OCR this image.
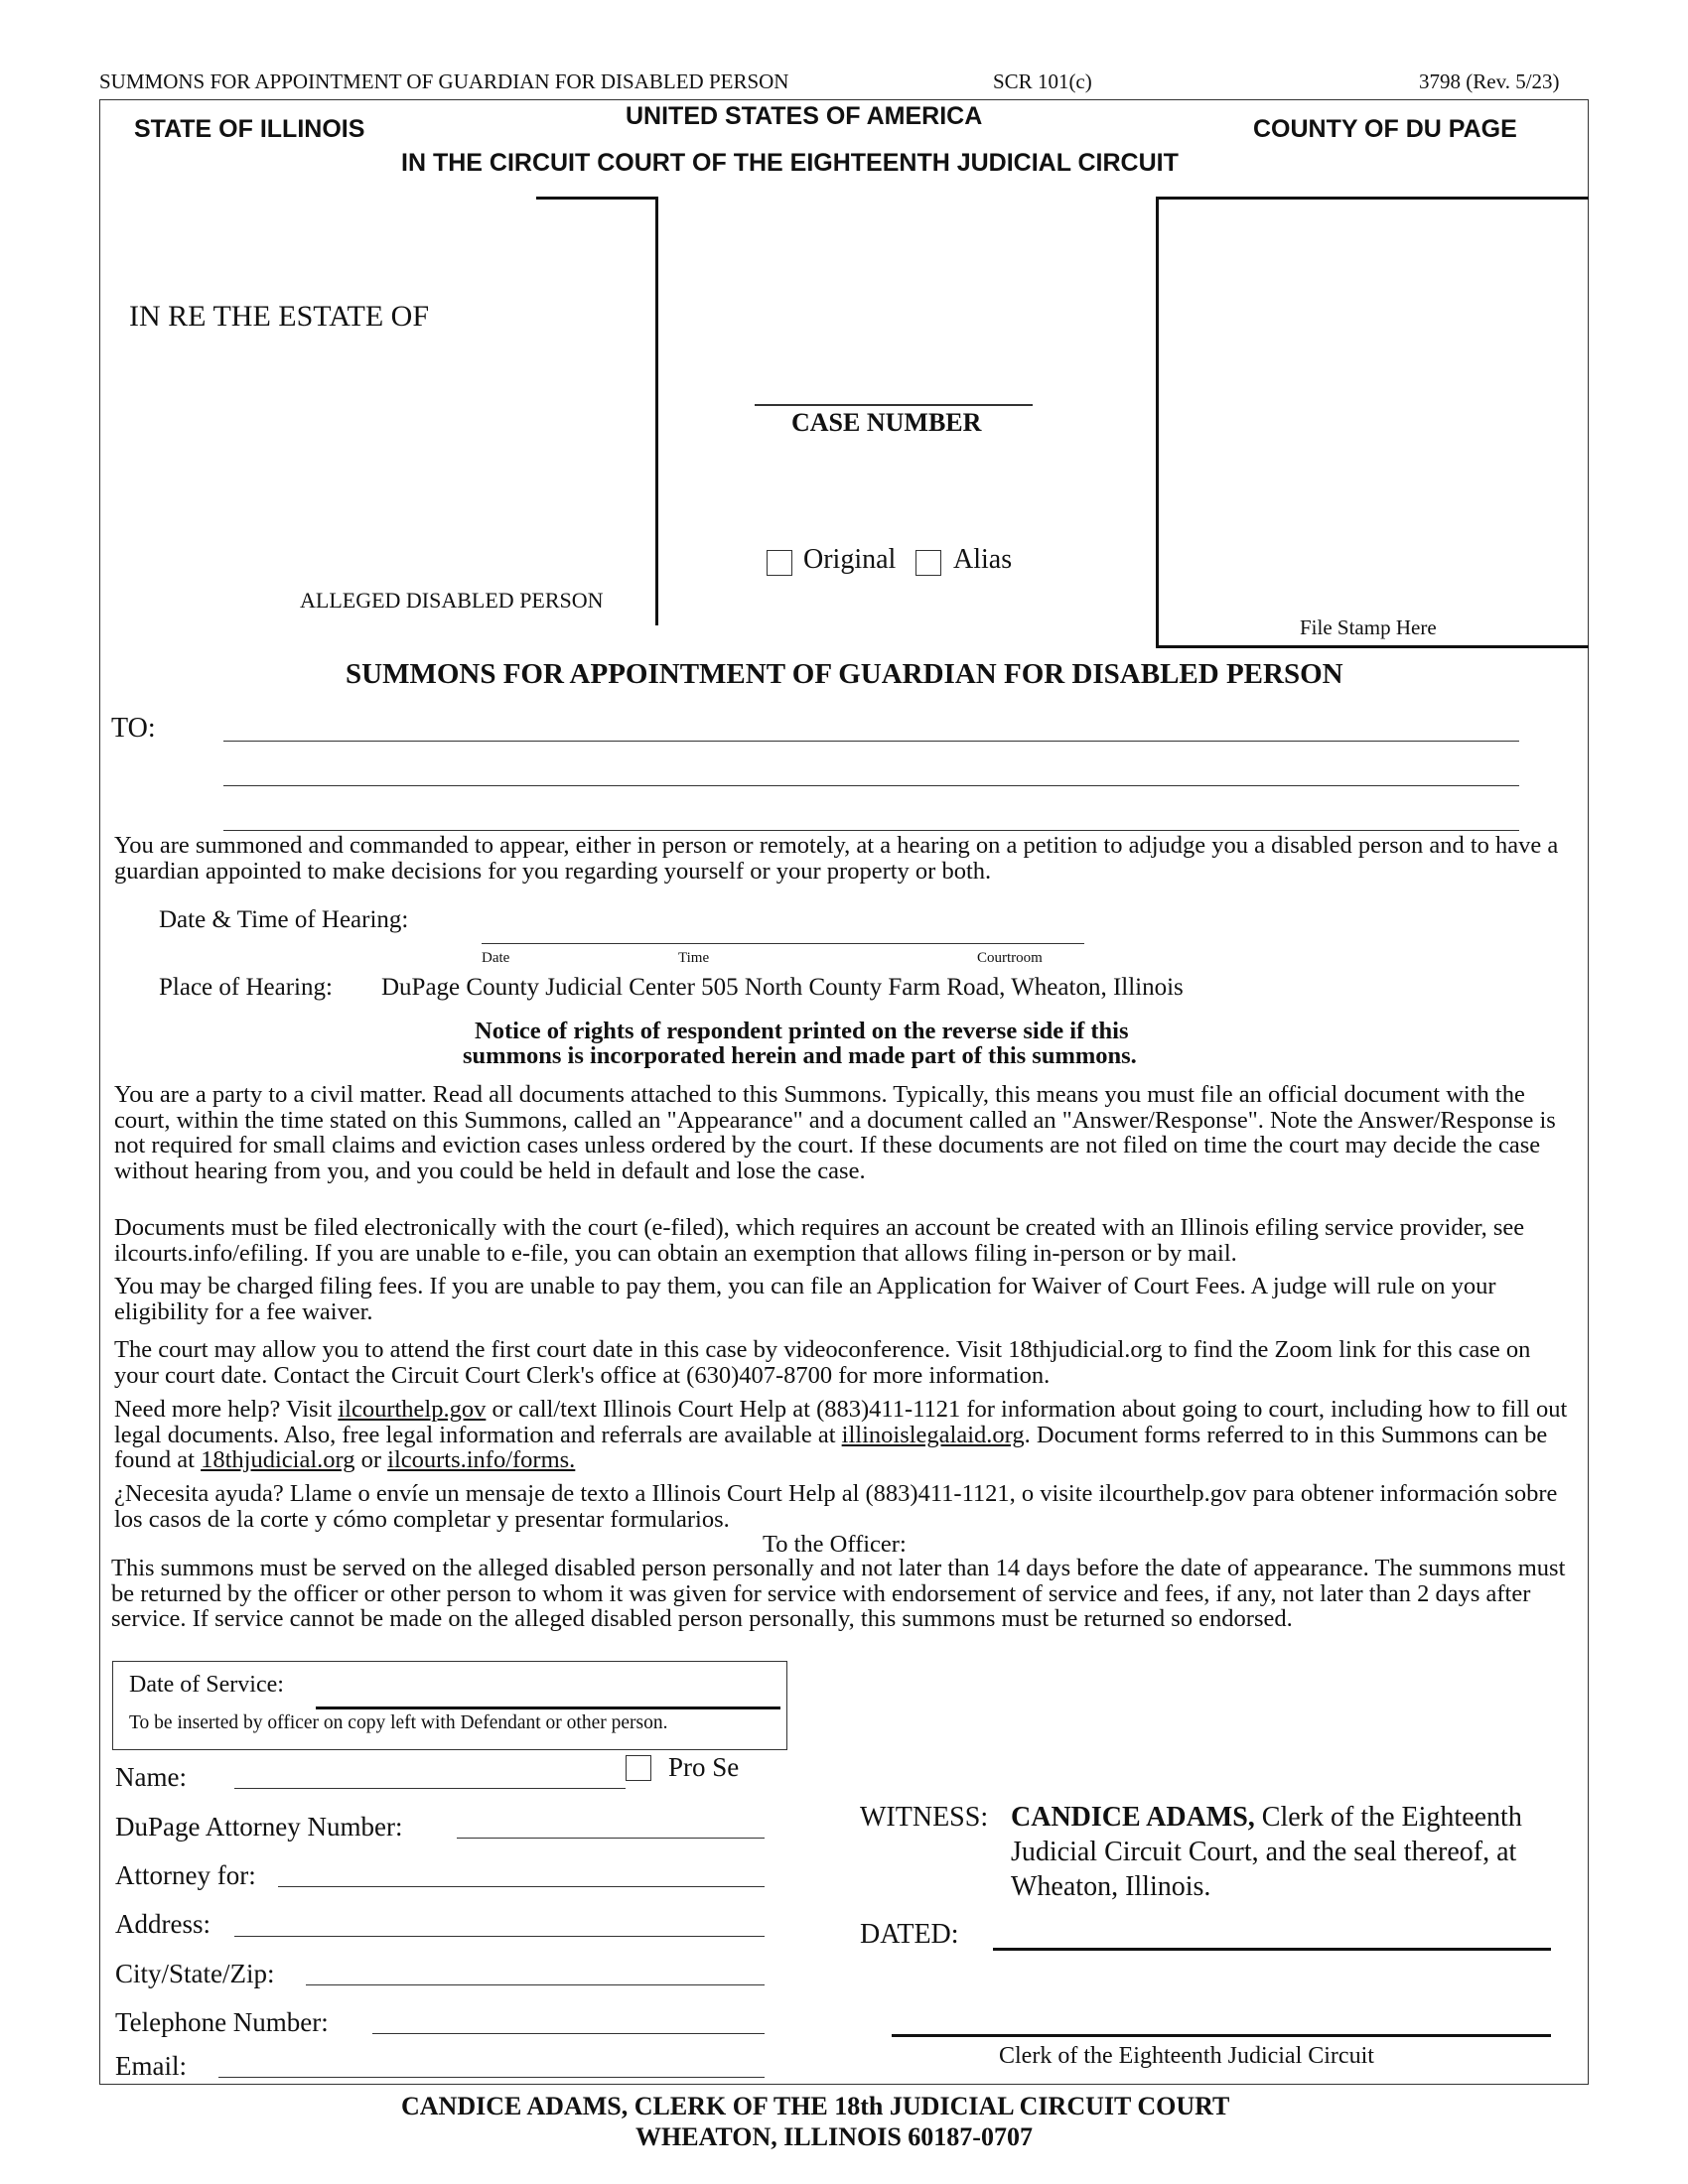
SUMMONS FOR APPOINTMENT OF GUARDIAN FOR DISABLED PERSON	SCR 101(c)	3798 (Rev. 5/23)
STATE OF ILLINOIS	UNITED STATES OF AMERICA	COUNTY OF DU PAGE
IN THE CIRCUIT COURT OF THE EIGHTEENTH JUDICIAL CIRCUIT
IN RE THE ESTATE OF
ALLEGED DISABLED PERSON
CASE NUMBER
Original Alias
File Stamp Here
SUMMONS FOR APPOINTMENT OF GUARDIAN FOR DISABLED PERSON
TO:
You are summoned and commanded to appear, either in person or remotely, at a hearing on a petition to adjudge you a disabled person and to have a guardian appointed to make decisions for you regarding yourself or your property or both.
Date & Time of Hearing:
Date	Time	Courtroom
Place of Hearing: DuPage County Judicial Center 505 North County Farm Road, Wheaton, Illinois
Notice of rights of respondent printed on the reverse side if this
summons is incorporated herein and made part of this summons.
You are a party to a civil matter. Read all documents attached to this Summons. Typically, this means you must file an official document with the court, within the time stated on this Summons, called an "Appearance" and a document called an "Answer/Response". Note the Answer/Response is not required for small claims and eviction cases unless ordered by the court. If these documents are not filed on time the court may decide the case without hearing from you, and you could be held in default and lose the case.
Documents must be filed electronically with the court (e-filed), which requires an account be created with an Illinois efiling service provider, see ilcourts.info/efiling. If you are unable to e-file, you can obtain an exemption that allows filing in-person or by mail.
You may be charged filing fees. If you are unable to pay them, you can file an Application for Waiver of Court Fees. A judge will rule on your eligibility for a fee waiver.
The court may allow you to attend the first court date in this case by videoconference. Visit 18thjudicial.org to find the Zoom link for this case on your court date. Contact the Circuit Court Clerk's office at (630)407-8700 for more information.
Need more help? Visit ilcourthelp.gov or call/text Illinois Court Help at (883)411-1121 for information about going to court, including how to fill out legal documents. Also, free legal information and referrals are available at illinoislegalaid.org. Document forms referred to in this Summons can be found at 18thjudicial.org or ilcourts.info/forms.
¿Necesita ayuda? Llame o envíe un mensaje de texto a Illinois Court Help al (883)411-1121, o visite ilcourthelp.gov para obtener información sobre los casos de la corte y cómo completar y presentar formularios.
To the Officer:
This summons must be served on the alleged disabled person personally and not later than 14 days before the date of appearance. The summons must be returned by the officer or other person to whom it was given for service with endorsement of service and fees, if any, not later than 2 days after service. If service cannot be made on the alleged disabled person personally, this summons must be returned so endorsed.
Date of Service:
To be inserted by officer on copy left with Defendant or other person.
Name:	Pro Se
DuPage Attorney Number:
Attorney for:
Address:
City/State/Zip:
Telephone Number:
Email:
WITNESS: CANDICE ADAMS, Clerk of the Eighteenth
Judicial Circuit Court, and the seal thereof, at
Wheaton, Illinois.
DATED:
Clerk of the Eighteenth Judicial Circuit
CANDICE ADAMS, CLERK OF THE 18th JUDICIAL CIRCUIT COURT
WHEATON, ILLINOIS 60187-0707
